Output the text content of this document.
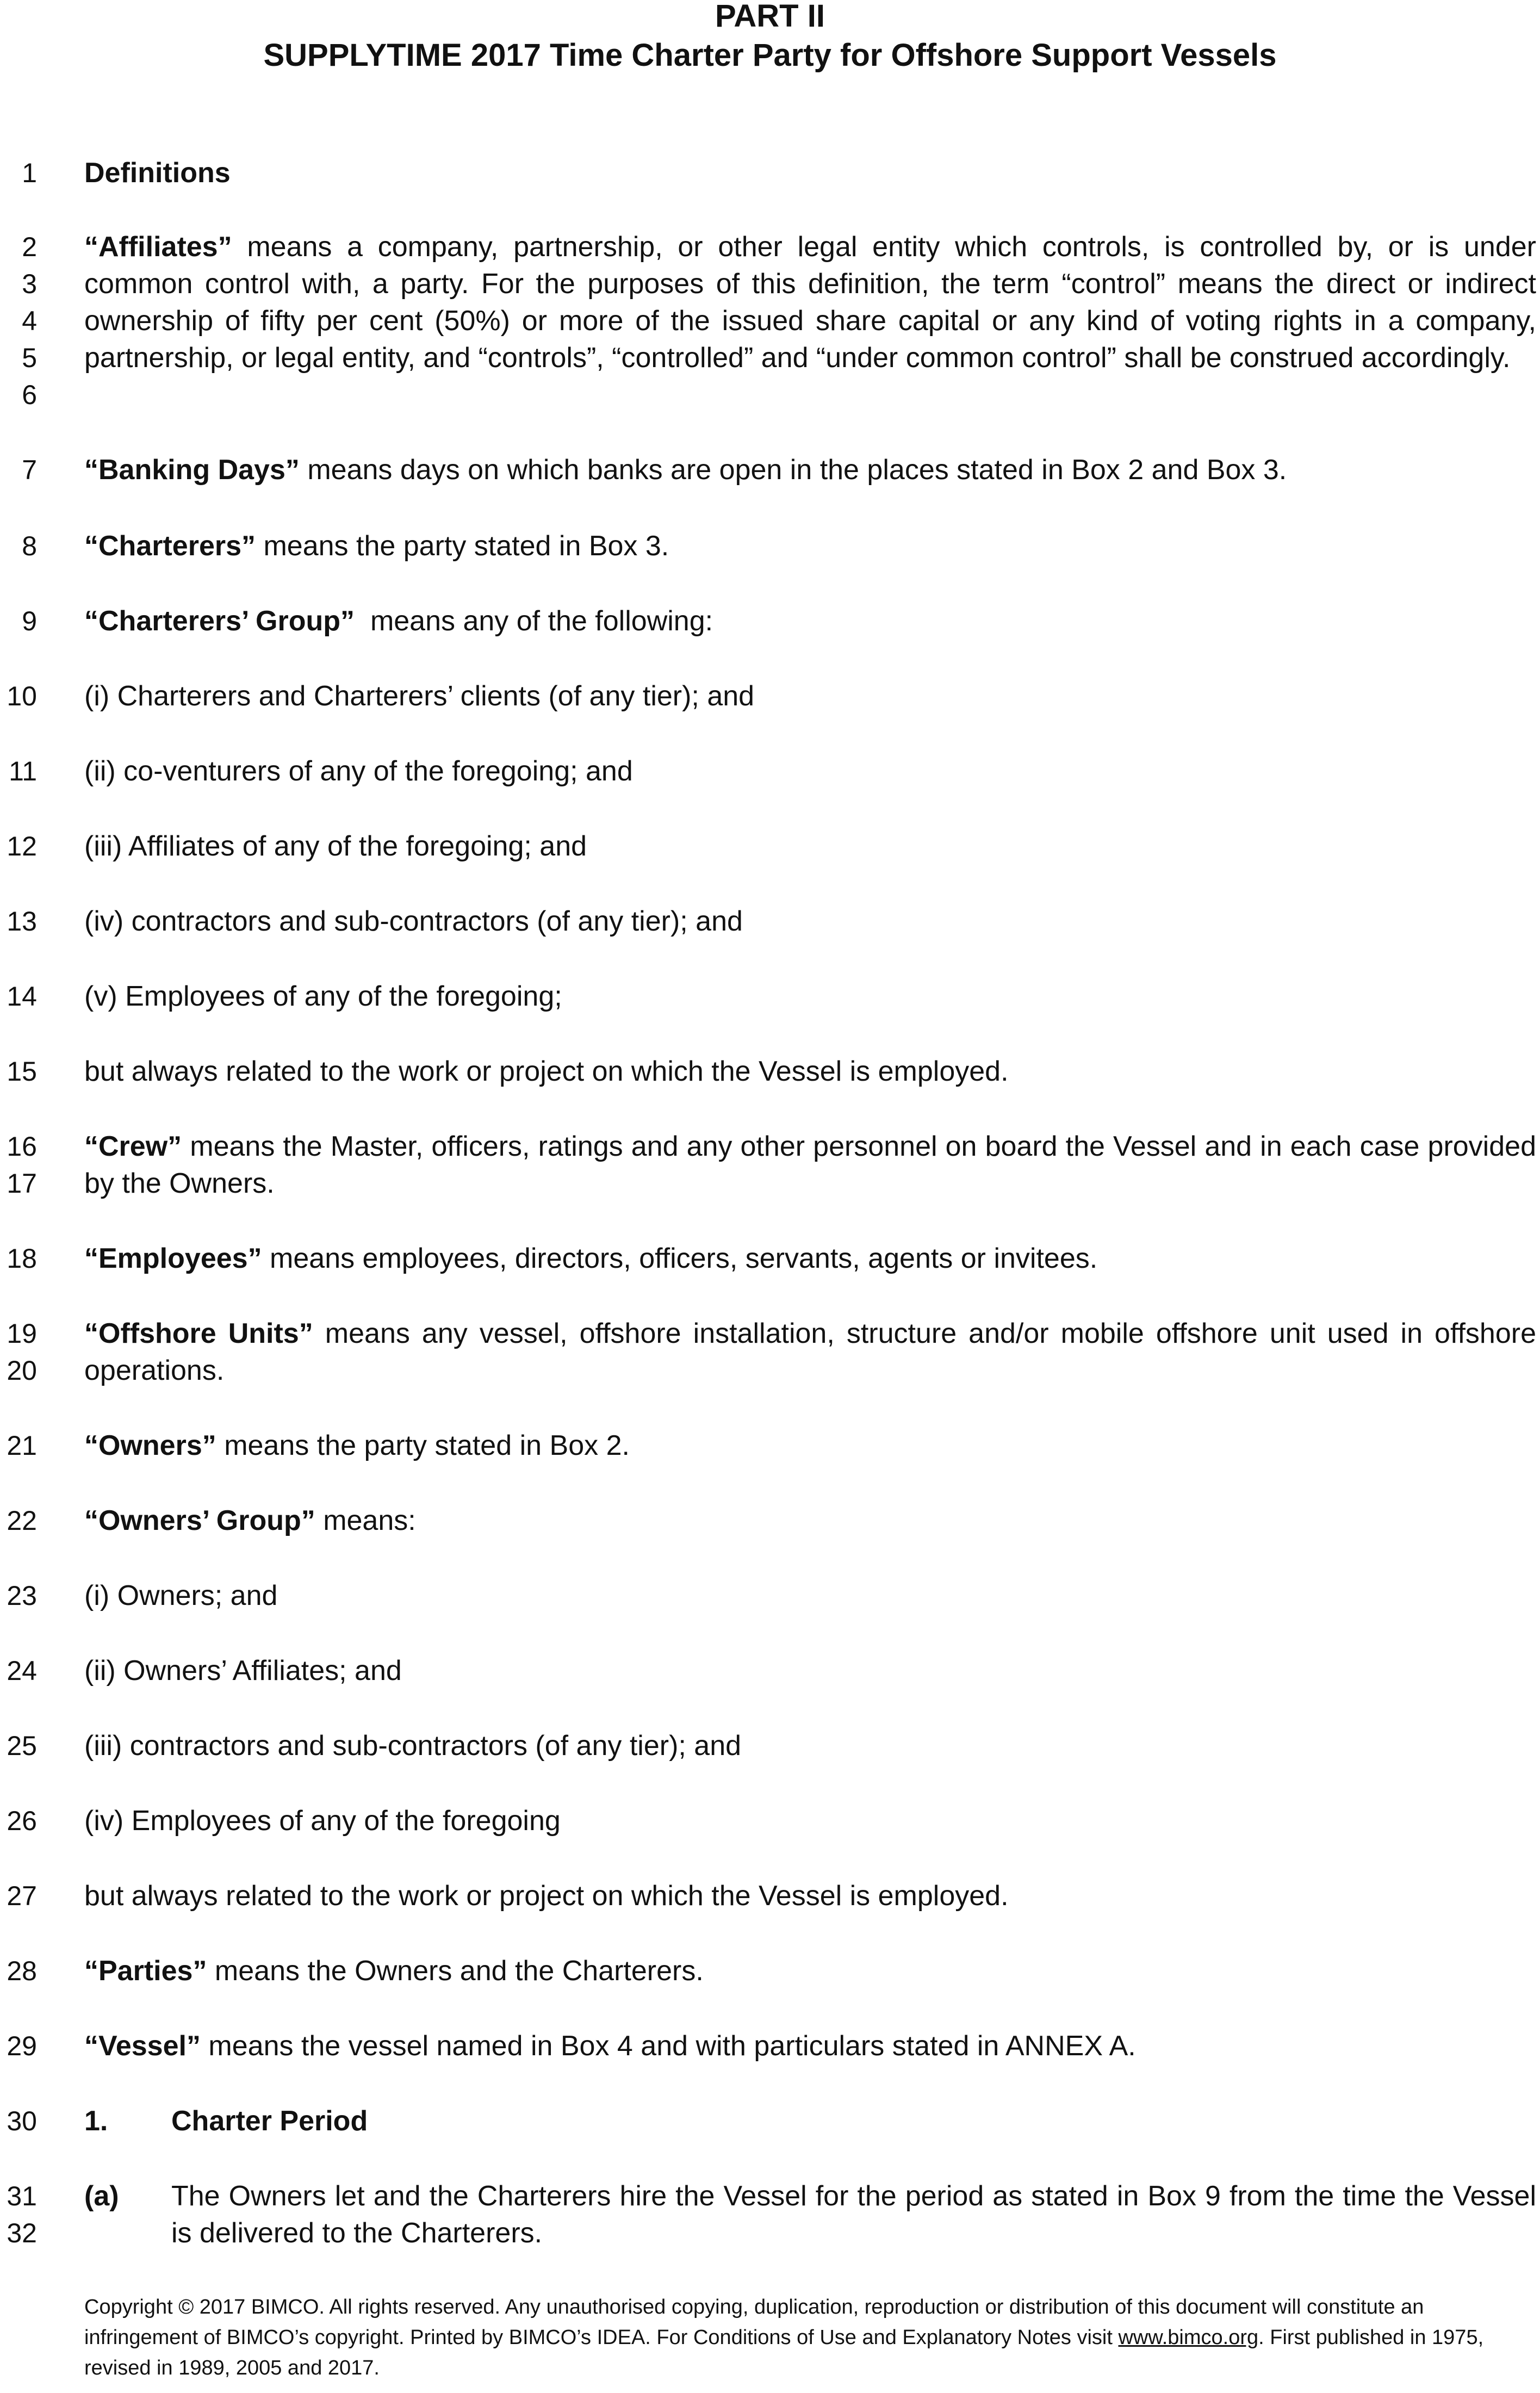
PART II
SUPPLYTIME 2017 Time Charter Party for Offshore Support Vessels
1 Definitions
2
3
4
5
6
“Affiliates” means a company, partnership, or other legal entity which controls, is controlled by, or is under common control with, a party. For the purposes of this definition, the term “control” means the direct or indirect ownership of fifty per cent (50%) or more of the issued share capital or any kind of voting rights in a company, partnership, or legal entity, and “controls”, “controlled” and “under common control” shall be construed accordingly.
7 “Banking Days” means days on which banks are open in the places stated in Box 2 and Box 3.
8 “Charterers” means the party stated in Box 3.
9 “Charterers’ Group” means any of the following:
10 (i) Charterers and Charterers’ clients (of any tier); and
11 (ii) co-venturers of any of the foregoing; and
12 (iii) Affiliates of any of the foregoing; and
13 (iv) contractors and sub-contractors (of any tier); and
14 (v) Employees of any of the foregoing;
15 but always related to the work or project on which the Vessel is employed.
16
17
“Crew” means the Master, officers, ratings and any other personnel on board the Vessel and in each case provided by the Owners.
18 “Employees” means employees, directors, officers, servants, agents or invitees.
19
20
“Offshore Units” means any vessel, offshore installation, structure and/or mobile offshore unit used in offshore operations.
21 “Owners” means the party stated in Box 2.
22 “Owners’ Group” means:
23 (i) Owners; and
24 (ii) Owners’ Affiliates; and
25 (iii) contractors and sub-contractors (of any tier); and
26 (iv) Employees of any of the foregoing
27 but always related to the work or project on which the Vessel is employed.
28 “Parties” means the Owners and the Charterers.
29 “Vessel” means the vessel named in Box 4 and with particulars stated in ANNEX A.
30 1. Charter Period
31
32
(a) The Owners let and the Charterers hire the Vessel for the period as stated in Box 9 from the time the Vessel is delivered to the Charterers.
Copyright © 2017 BIMCO. All rights reserved. Any unauthorised copying, duplication, reproduction or distribution of this document will constitute an infringement of BIMCO’s copyright. Printed by BIMCO’s IDEA. For Conditions of Use and Explanatory Notes visit www.bimco.org. First published in 1975, revised in 1989, 2005 and 2017.
